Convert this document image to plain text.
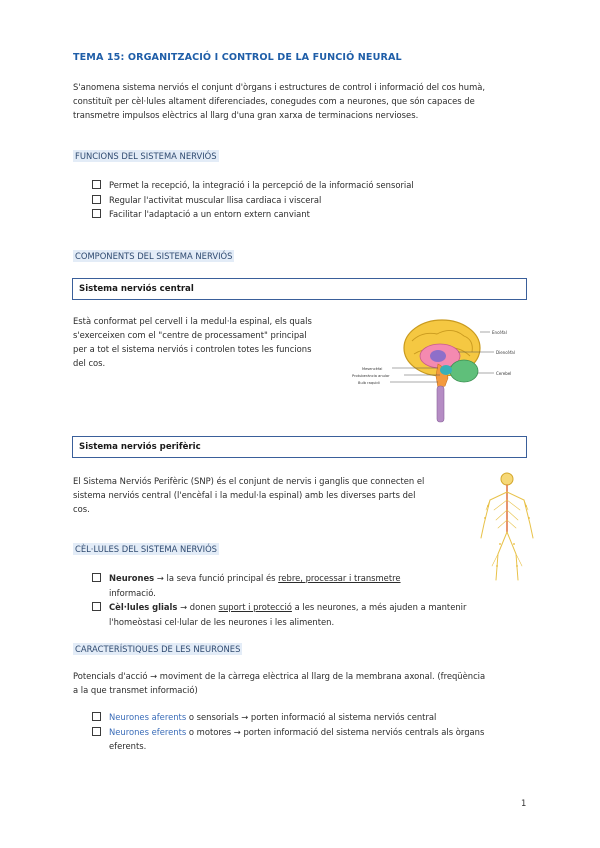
TEMA 15: ORGANITZACIÓ I CONTROL DE LA FUNCIÓ NEURAL
S'anomena sistema nerviós el conjunt d'òrgans i estructures de control i informació del cos humà,
constituït per cèl·lules altament diferenciades, conegudes com a neurones, que són capaces de
transmetre impulsos elèctrics al llarg d'una gran xarxa de terminacions nervioses.
FUNCIONS DEL SISTEMA NERVIÓS
Permet la recepció, la integració i la percepció de la informació sensorial
Regular l'activitat muscular llisa cardiaca i visceral
Facilitar l'adaptació a un entorn extern canviant
COMPONENTS DEL SISTEMA NERVIÓS
Sistema nerviós central
Està conformat pel cervell i la medul·la espinal, els quals
s'exerceixen com el "centre de processament" principal
per a tot el sistema nerviós i controlen totes les funcions
del cos.
Encèfal
Diencèfal
Cerebel
Mesencèfal
Protuberància anular
Bulb raquidi
Sistema nerviós perifèric
El Sistema Nerviós Perifèric (SNP) és el conjunt de nervis i ganglis que connecten el
sistema nerviós central (l'encèfal i la medul·la espinal) amb les diverses parts del
cos.
CÈL·LULES DEL SISTEMA NERVIÓS
Neurones → la seva funció principal és rebre, processar i transmetre
informació.
Cèl·lules glials → donen suport i protecció a les neurones, a més ajuden a mantenir
l'homeòstasi cel·lular de les neurones i les alimenten.
CARACTERÍSTIQUES DE LES NEURONES
Potencials d'acció → moviment de la càrrega elèctrica al llarg de la membrana axonal. (freqüència
a la que transmet informació)
Neurones aferents o sensorials → porten informació al sistema nerviós central
Neurones eferents o motores → porten informació del sistema nerviós centrals als òrgans
eferents.
1
